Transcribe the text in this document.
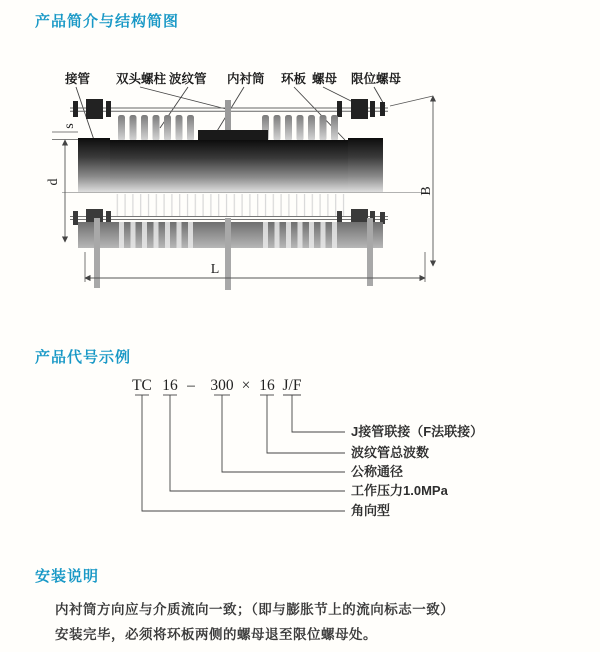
产品简介与结构简图
接管 双头螺柱 波纹管 内衬筒 环板 螺母 限位螺母
s
d
B
L
产品代号示例
TC 16 – 300 × 16 J/F
J接管联接（F法联接）
波纹管总波数
公称通径
工作压力1.0MPa
角向型
安装说明

内衬筒方向应与介质流向一致；（即与膨胀节上的流向标志一致）

安装完毕，必须将环板两侧的螺母退至限位螺母处。
